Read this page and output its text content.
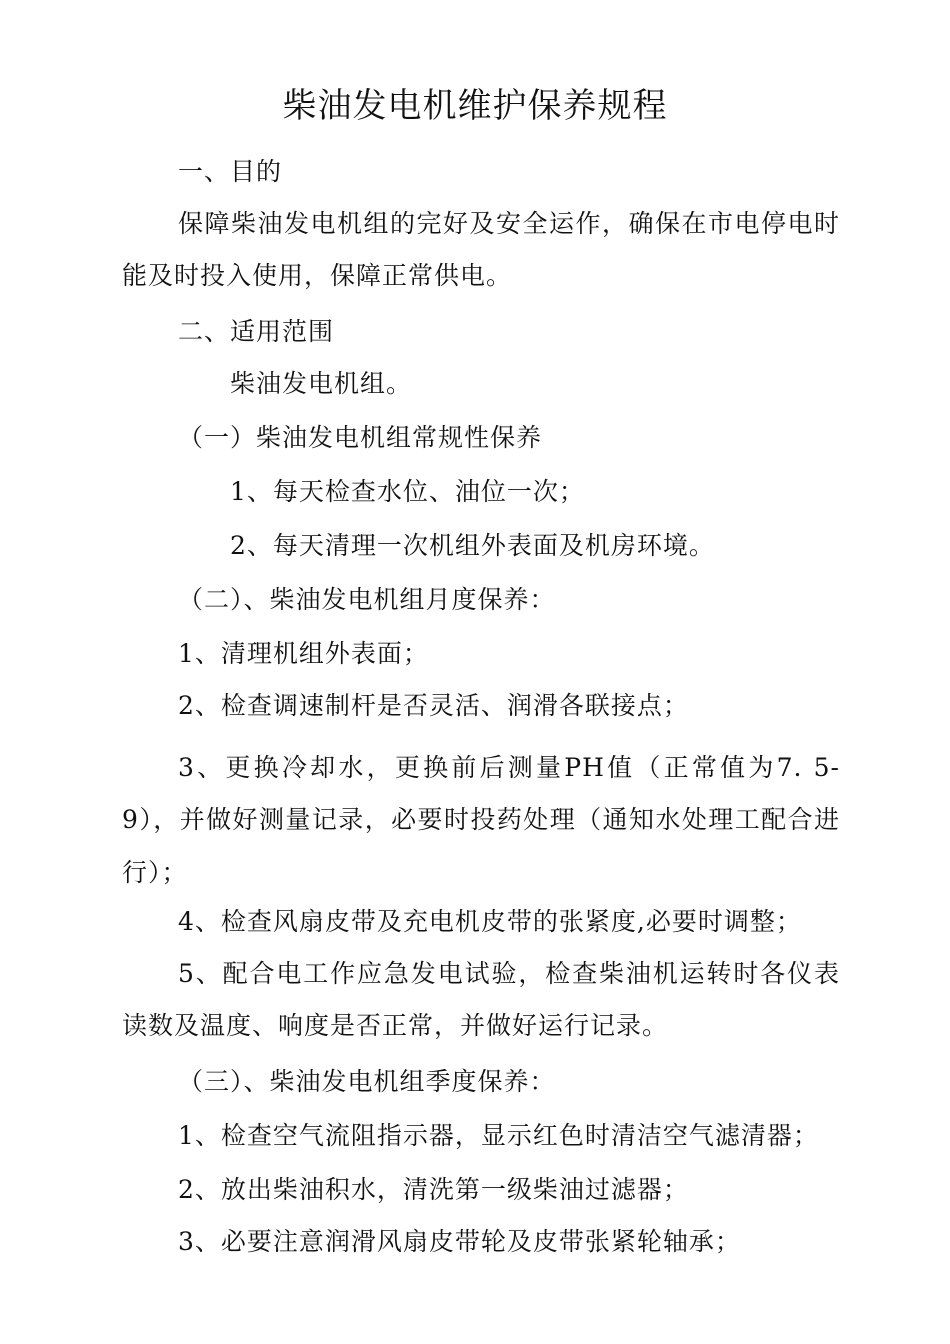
柴油发电机维护保养规程
一、目的
保障柴油发电机组的完好及安全运作，确保在市电停电时能及时投入使用，保障正常供电。
二、适用范围
柴油发电机组。
（一）柴油发电机组常规性保养
1、每天检查水位、油位一次；
2、每天清理一次机组外表面及机房环境。
（二）、柴油发电机组月度保养：
1、清理机组外表面；
2、检查调速制杆是否灵活、润滑各联接点；
3、更换冷却水，更换前后测量PH值（正常值为7. 5-9），并做好测量记录，必要时投药处理（通知水处理工配合进行）；
4、检查风扇皮带及充电机皮带的张紧度,必要时调整；
5、配合电工作应急发电试验，检查柴油机运转时各仪表读数及温度、响度是否正常，并做好运行记录。
（三）、柴油发电机组季度保养：
1、检查空气流阻指示器，显示红色时清洁空气滤清器；
2、放出柴油积水，清洗第一级柴油过滤器；
3、必要注意润滑风扇皮带轮及皮带张紧轮轴承；
